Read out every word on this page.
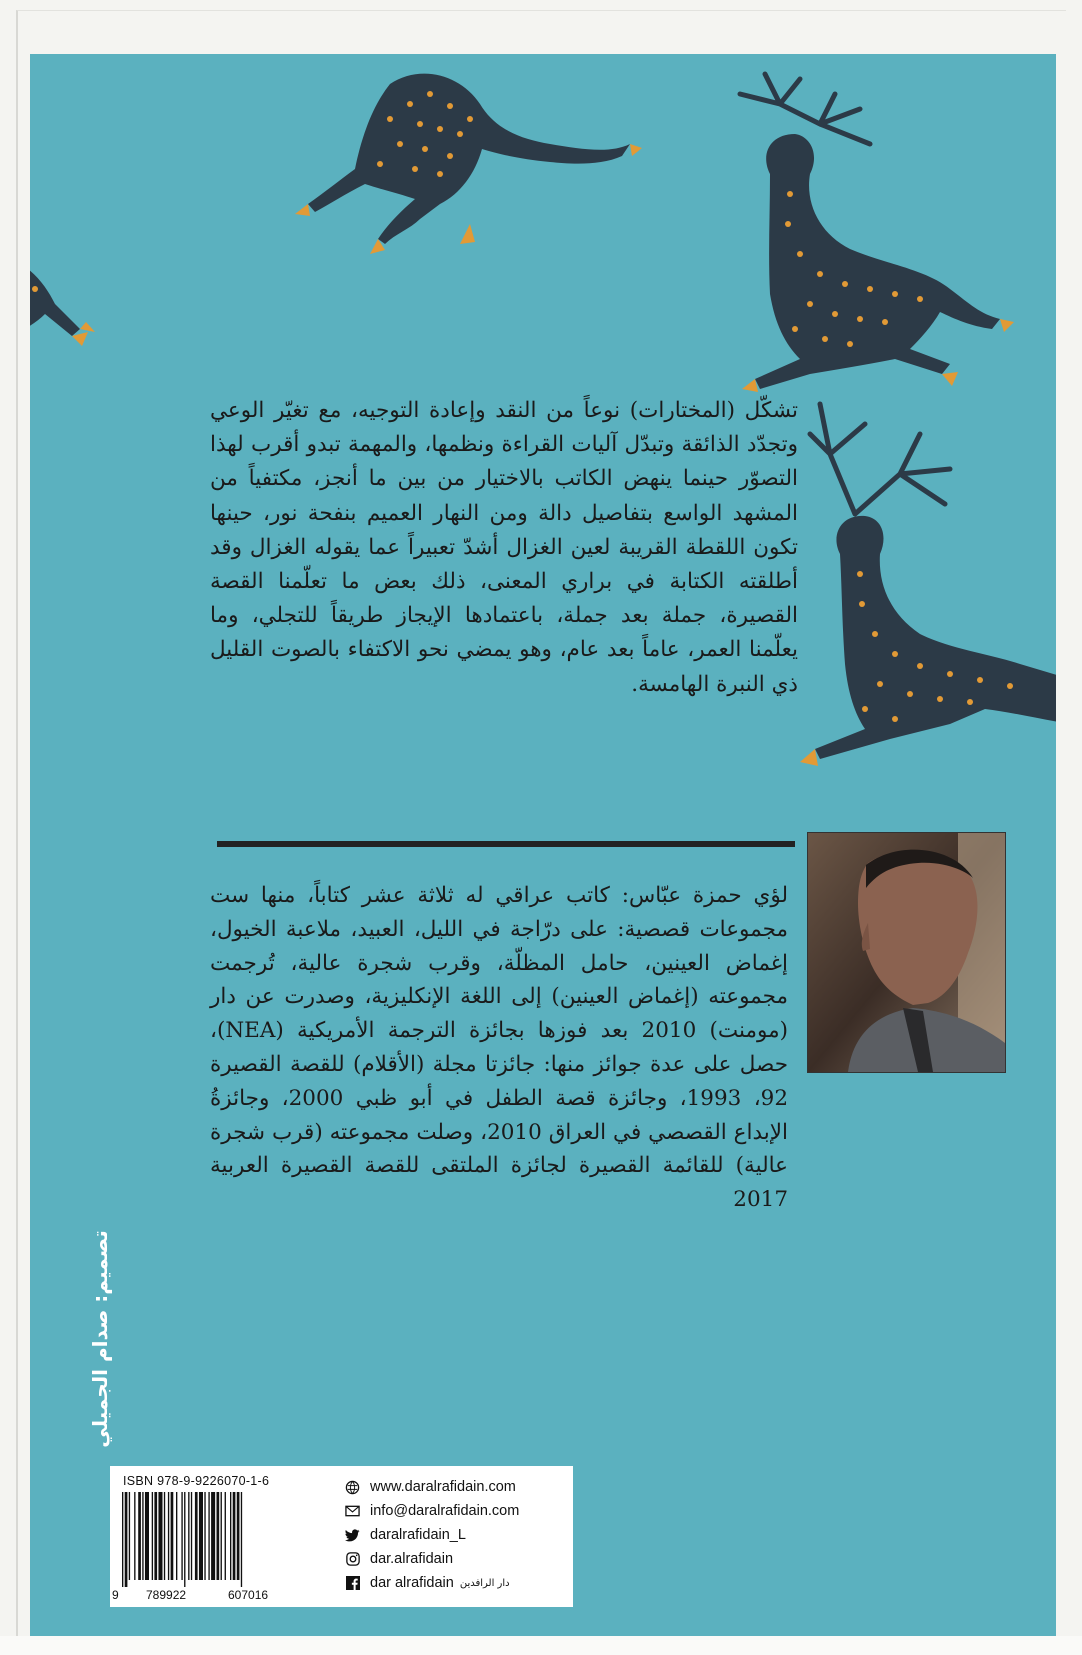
تشكّل (المختارات) نوعاً من النقد وإعادة التوجيه، مع تغيّر الوعي وتجدّد الذائقة وتبدّل آليات القراءة ونظمها، والمهمة تبدو أقرب لهذا التصوّر حينما ينهض الكاتب بالاختيار من بين ما أنجز، مكتفياً من المشهد الواسع بتفاصيل دالة ومن النهار العميم بنفحة نور، حينها تكون اللقطة القريبة لعين الغزال أشدّ تعبيراً عما يقوله الغزال وقد أطلقته الكتابة في براري المعنى، ذلك بعض ما تعلّمنا القصة القصيرة، جملة بعد جملة، باعتمادها الإيجاز طريقاً للتجلي، وما يعلّمنا العمر، عاماً بعد عام، وهو يمضي نحو الاكتفاء بالصوت القليل ذي النبرة الهامسة.
لؤي حمزة عبّاس: كاتب عراقي له ثلاثة عشر كتاباً، منها ست مجموعات قصصية: على درّاجة في الليل، العبيد، ملاعبة الخيول، إغماض العينين، حامل المظلّة، وقرب شجرة عالية، تُرجمت مجموعته (إغماض العينين) إلى اللغة الإنكليزية، وصدرت عن دار (مومنت) 2010 بعد فوزها بجائزة الترجمة الأمريكية (NEA)، حصل على عدة جوائز منها: جائزتا مجلة (الأقلام) للقصة القصيرة 92، 1993، وجائزة قصة الطفل في أبو ظبي 2000، وجائزةُ الإبداع القصصي في العراق 2010، وصلت مجموعته (قرب شجرة عالية) للقائمة القصيرة لجائزة الملتقى للقصة القصيرة العربية 2017
تصميم: صدام الجميلي
ISBN 978-9-9226070-1-6
9 789922	607016
www.daralrafidain.com
info@daralrafidain.com
daralrafidain_L
dar.alrafidain
dar alrafidain دار الرافدين
